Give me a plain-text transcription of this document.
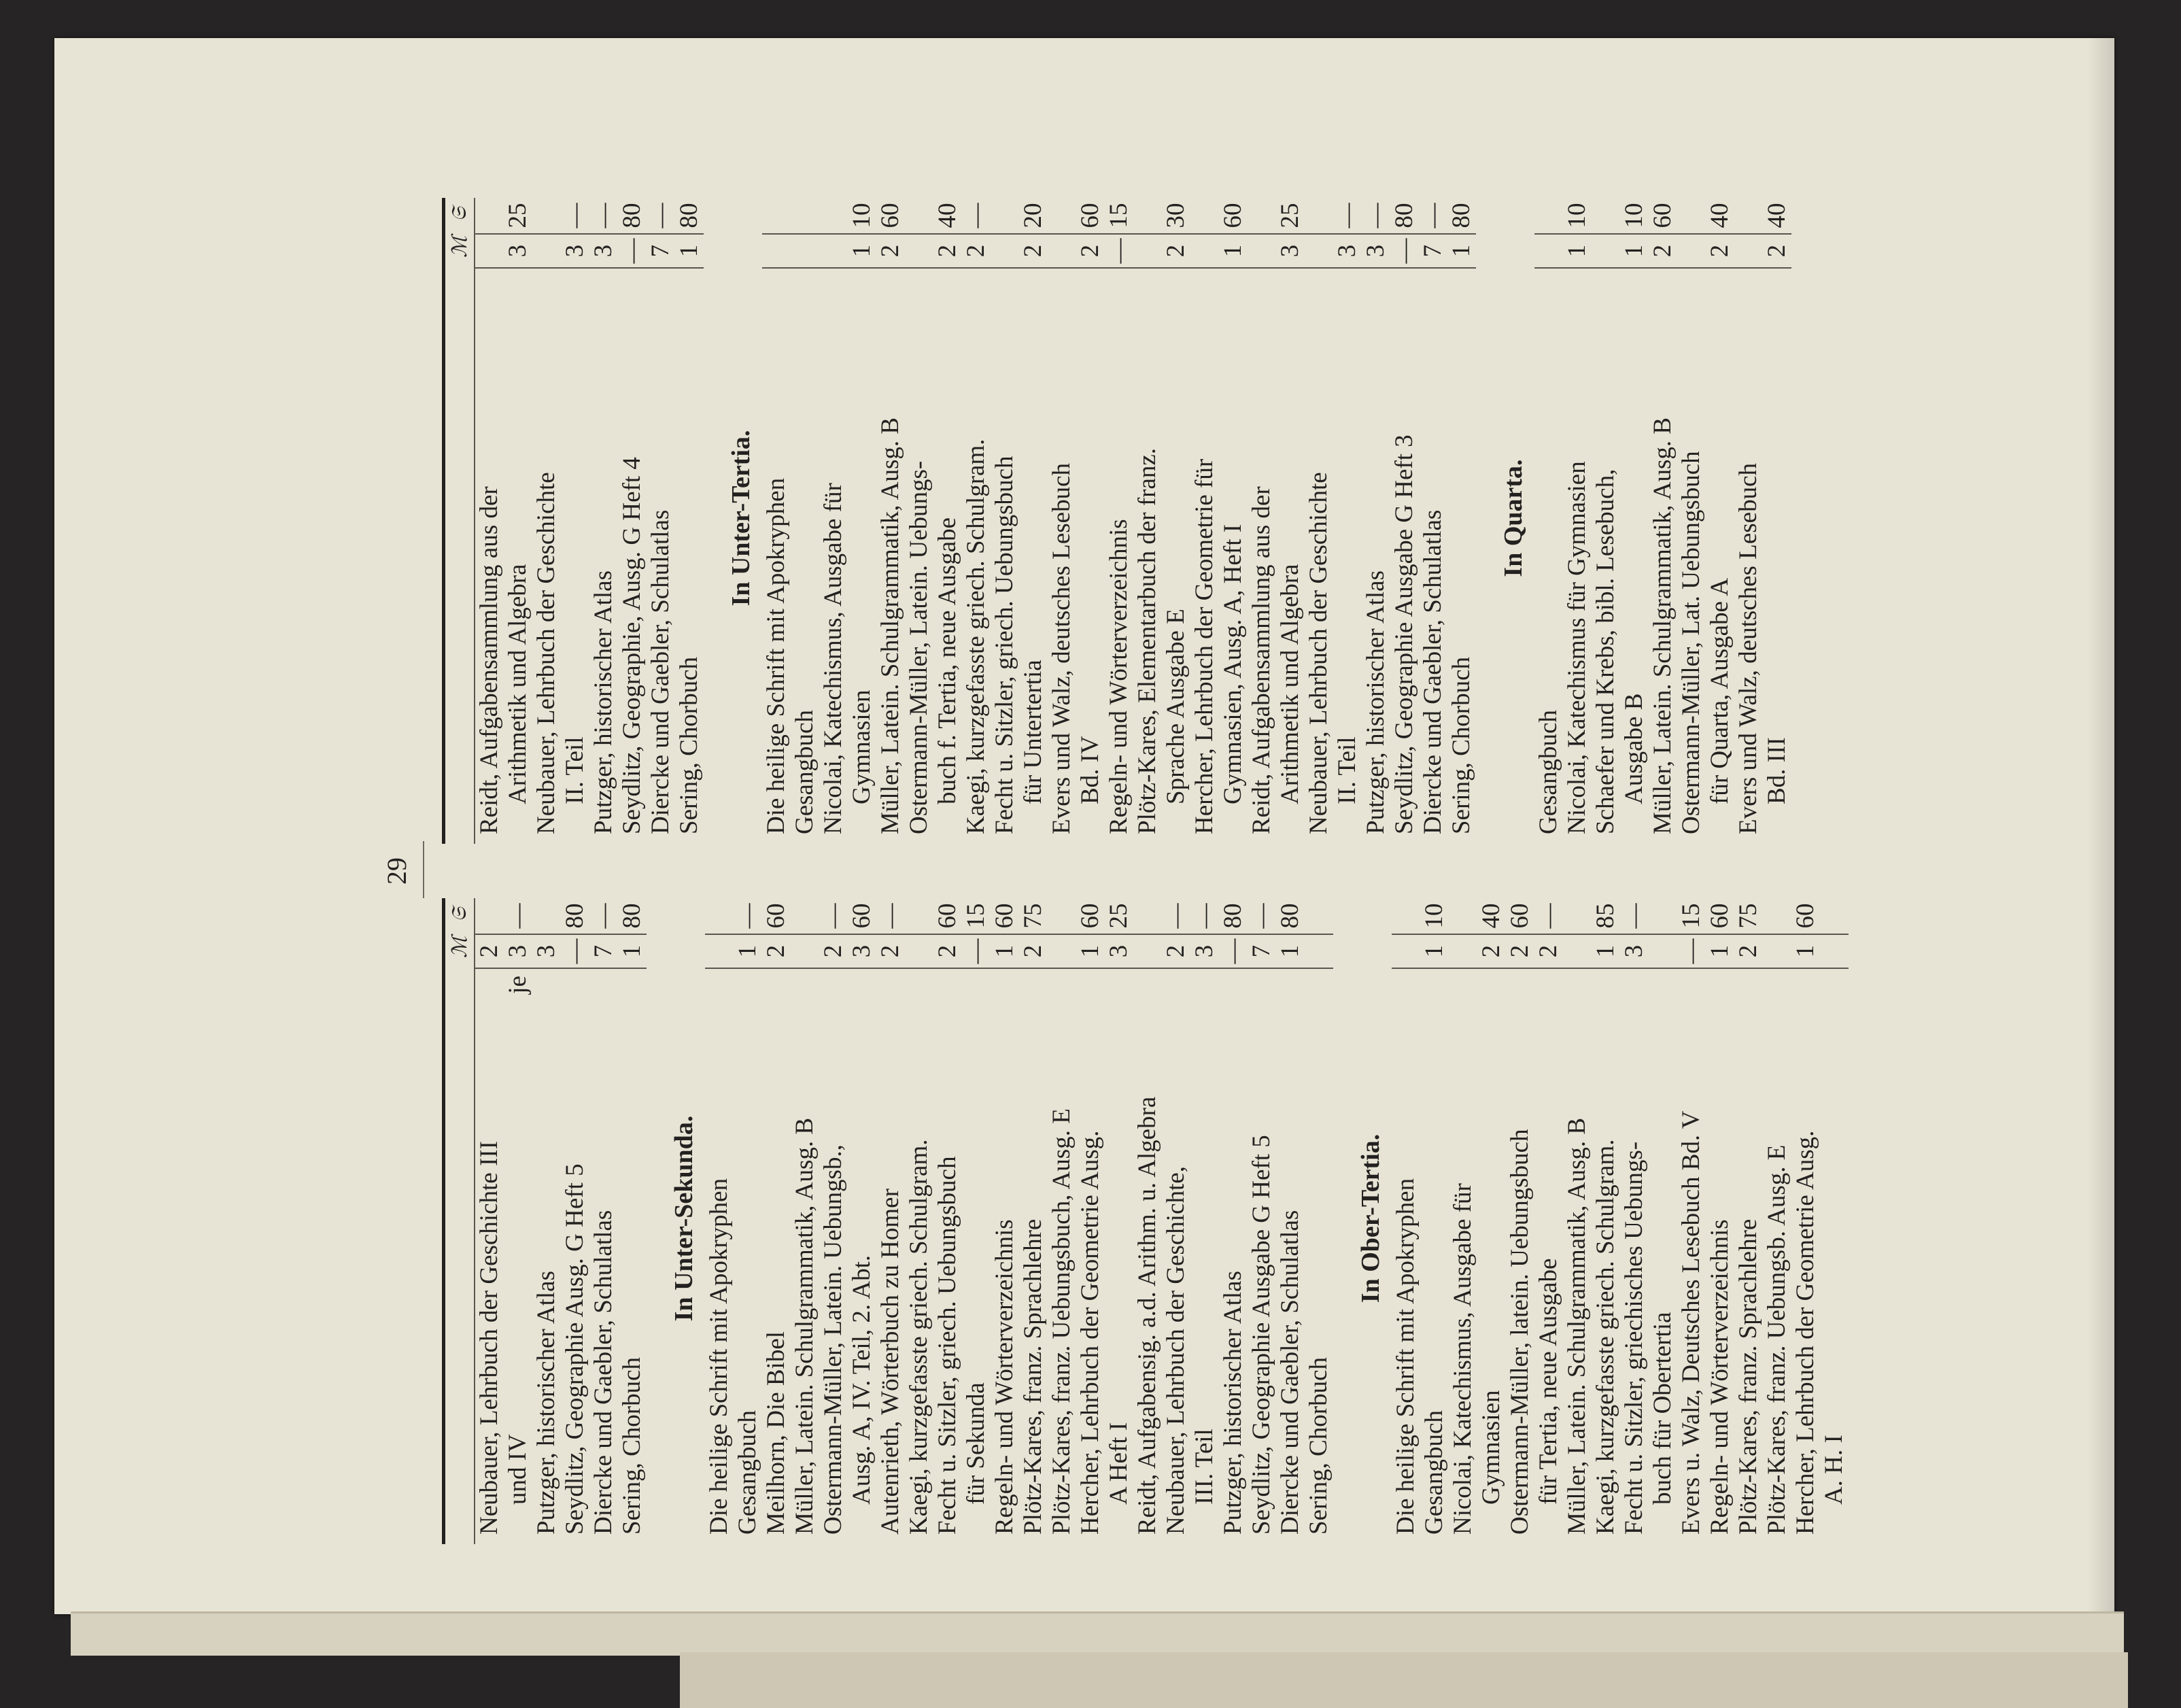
29
ℳ
𝔖
Neubauer, Lehrbuch der Geschichte III
2
und IV
je
3
—
Putzger, historischer Atlas
3
Seydlitz, Geographie Ausg. G Heft 5
—
80
Diercke und Gaebler, Schulatlas
7
—
Sering, Chorbuch
1
80
In Unter-Sekunda. Die heilige Schrift mit Apokryphen Gesangbuch
1
—
Meilhorn, Die Bibel
2
60
Müller, Latein. Schulgrammatik, Ausg. B Ostermann-Müller, Latein. Uebungsb.,
2
—
Ausg. A, IV. Teil, 2. Abt.
3
60
Autenrieth, Wörterbuch zu Homer
2
—
Kaegi, kurzgefasste griech. Schulgram. Fecht u. Sitzler, griech. Uebungsbuch
2
60
für Sekunda
—
15
Regeln- und Wörterverzeichnis
1
60
Plötz-Kares, franz. Sprachlehre
2
75
Plötz-Kares, franz. Uebungsbuch, Ausg. E Hercher, Lehrbuch der Geometrie Ausg.
1
60
A Heft I
3
25
Reidt, Aufgabensig. a.d. Arithm. u. Algebra Neubauer, Lehrbuch der Geschichte,
2
—
III. Teil
3
—
Putzger, historischer Atlas
—
80
Seydlitz, Geographie Ausgabe G Heft 5
7
—
Diercke und Gaebler, Schulatlas
1
80
Sering, Chorbuch
In Ober-Tertia. Die heilige Schrift mit Apokryphen Gesangbuch
1
10
Nicolai, Katechismus, Ausgabe für Gymnasien
2
40
Ostermann-Müller, latein. Uebungsbuch
2
60
für Tertia, neue Ausgabe
2
—
Müller, Latein. Schulgrammatik, Ausg. B Kaegi, kurzgefasste griech. Schulgram.
1
85
Fecht u. Sitzler, griechisches Uebungs-
3
—
buch für Obertertia Evers u. Walz, Deutsches Lesebuch Bd. V
—
15
Regeln- und Wörterverzeichnis
1
60
Plötz-Kares, franz. Sprachlehre
2
75
Plötz-Kares, franz. Uebungsb. Ausg. E Hercher, Lehrbuch der Geometrie Ausg.
1
60
A. H. I
ℳ
𝔖
Reidt, Aufgabensammlung aus der Arithmetik und Algebra
3
25
Neubauer, Lehrbuch der Geschichte II. Teil
3
—
Putzger, historischer Atlas
3
—
Seydlitz, Geographie, Ausg. G Heft 4
—
80
Diercke und Gaebler, Schulatlas
7
—
Sering, Chorbuch
1
80
In Unter-Tertia. Die heilige Schrift mit Apokryphen Gesangbuch Nicolai, Katechismus, Ausgabe für Gymnasien
1
10
Müller, Latein. Schulgrammatik, Ausg. B
2
60
Ostermann-Müller, Latein. Uebungs- buch f. Tertia, neue Ausgabe
2
40
Kaegi, kurzgefasste griech. Schulgram.
2
—
Fecht u. Sitzler, griech. Uebungsbuch für Untertertia
2
20
Evers und Walz, deutsches Lesebuch Bd. IV
2
60
Regeln- und Wörterverzeichnis
—
15
Plötz-Kares, Elementarbuch der franz. Sprache Ausgabe E
2
30
Hercher, Lehrbuch der Geometrie für Gymnasien, Ausg. A, Heft I
1
60
Reidt, Aufgabensammlung aus der Arithmetik und Algebra
3
25
Neubauer, Lehrbuch der Geschichte II. Teil
3
—
Putzger, historischer Atlas
3
—
Seydlitz, Geographie Ausgabe G Heft 3
—
80
Diercke und Gaebler, Schulatlas
7
—
Sering, Chorbuch
1
80
In Quarta.
Gesangbuch Nicolai, Katechismus für Gymnasien
1
10
Schaefer und Krebs, bibl. Lesebuch, Ausgabe B
1
10
Müller, Latein. Schulgrammatik, Ausg. B
2
60
Ostermann-Müller, Lat. Uebungsbuch für Quarta, Ausgabe A
2
40
Evers und Walz, deutsches Lesebuch Bd. III
2
40
